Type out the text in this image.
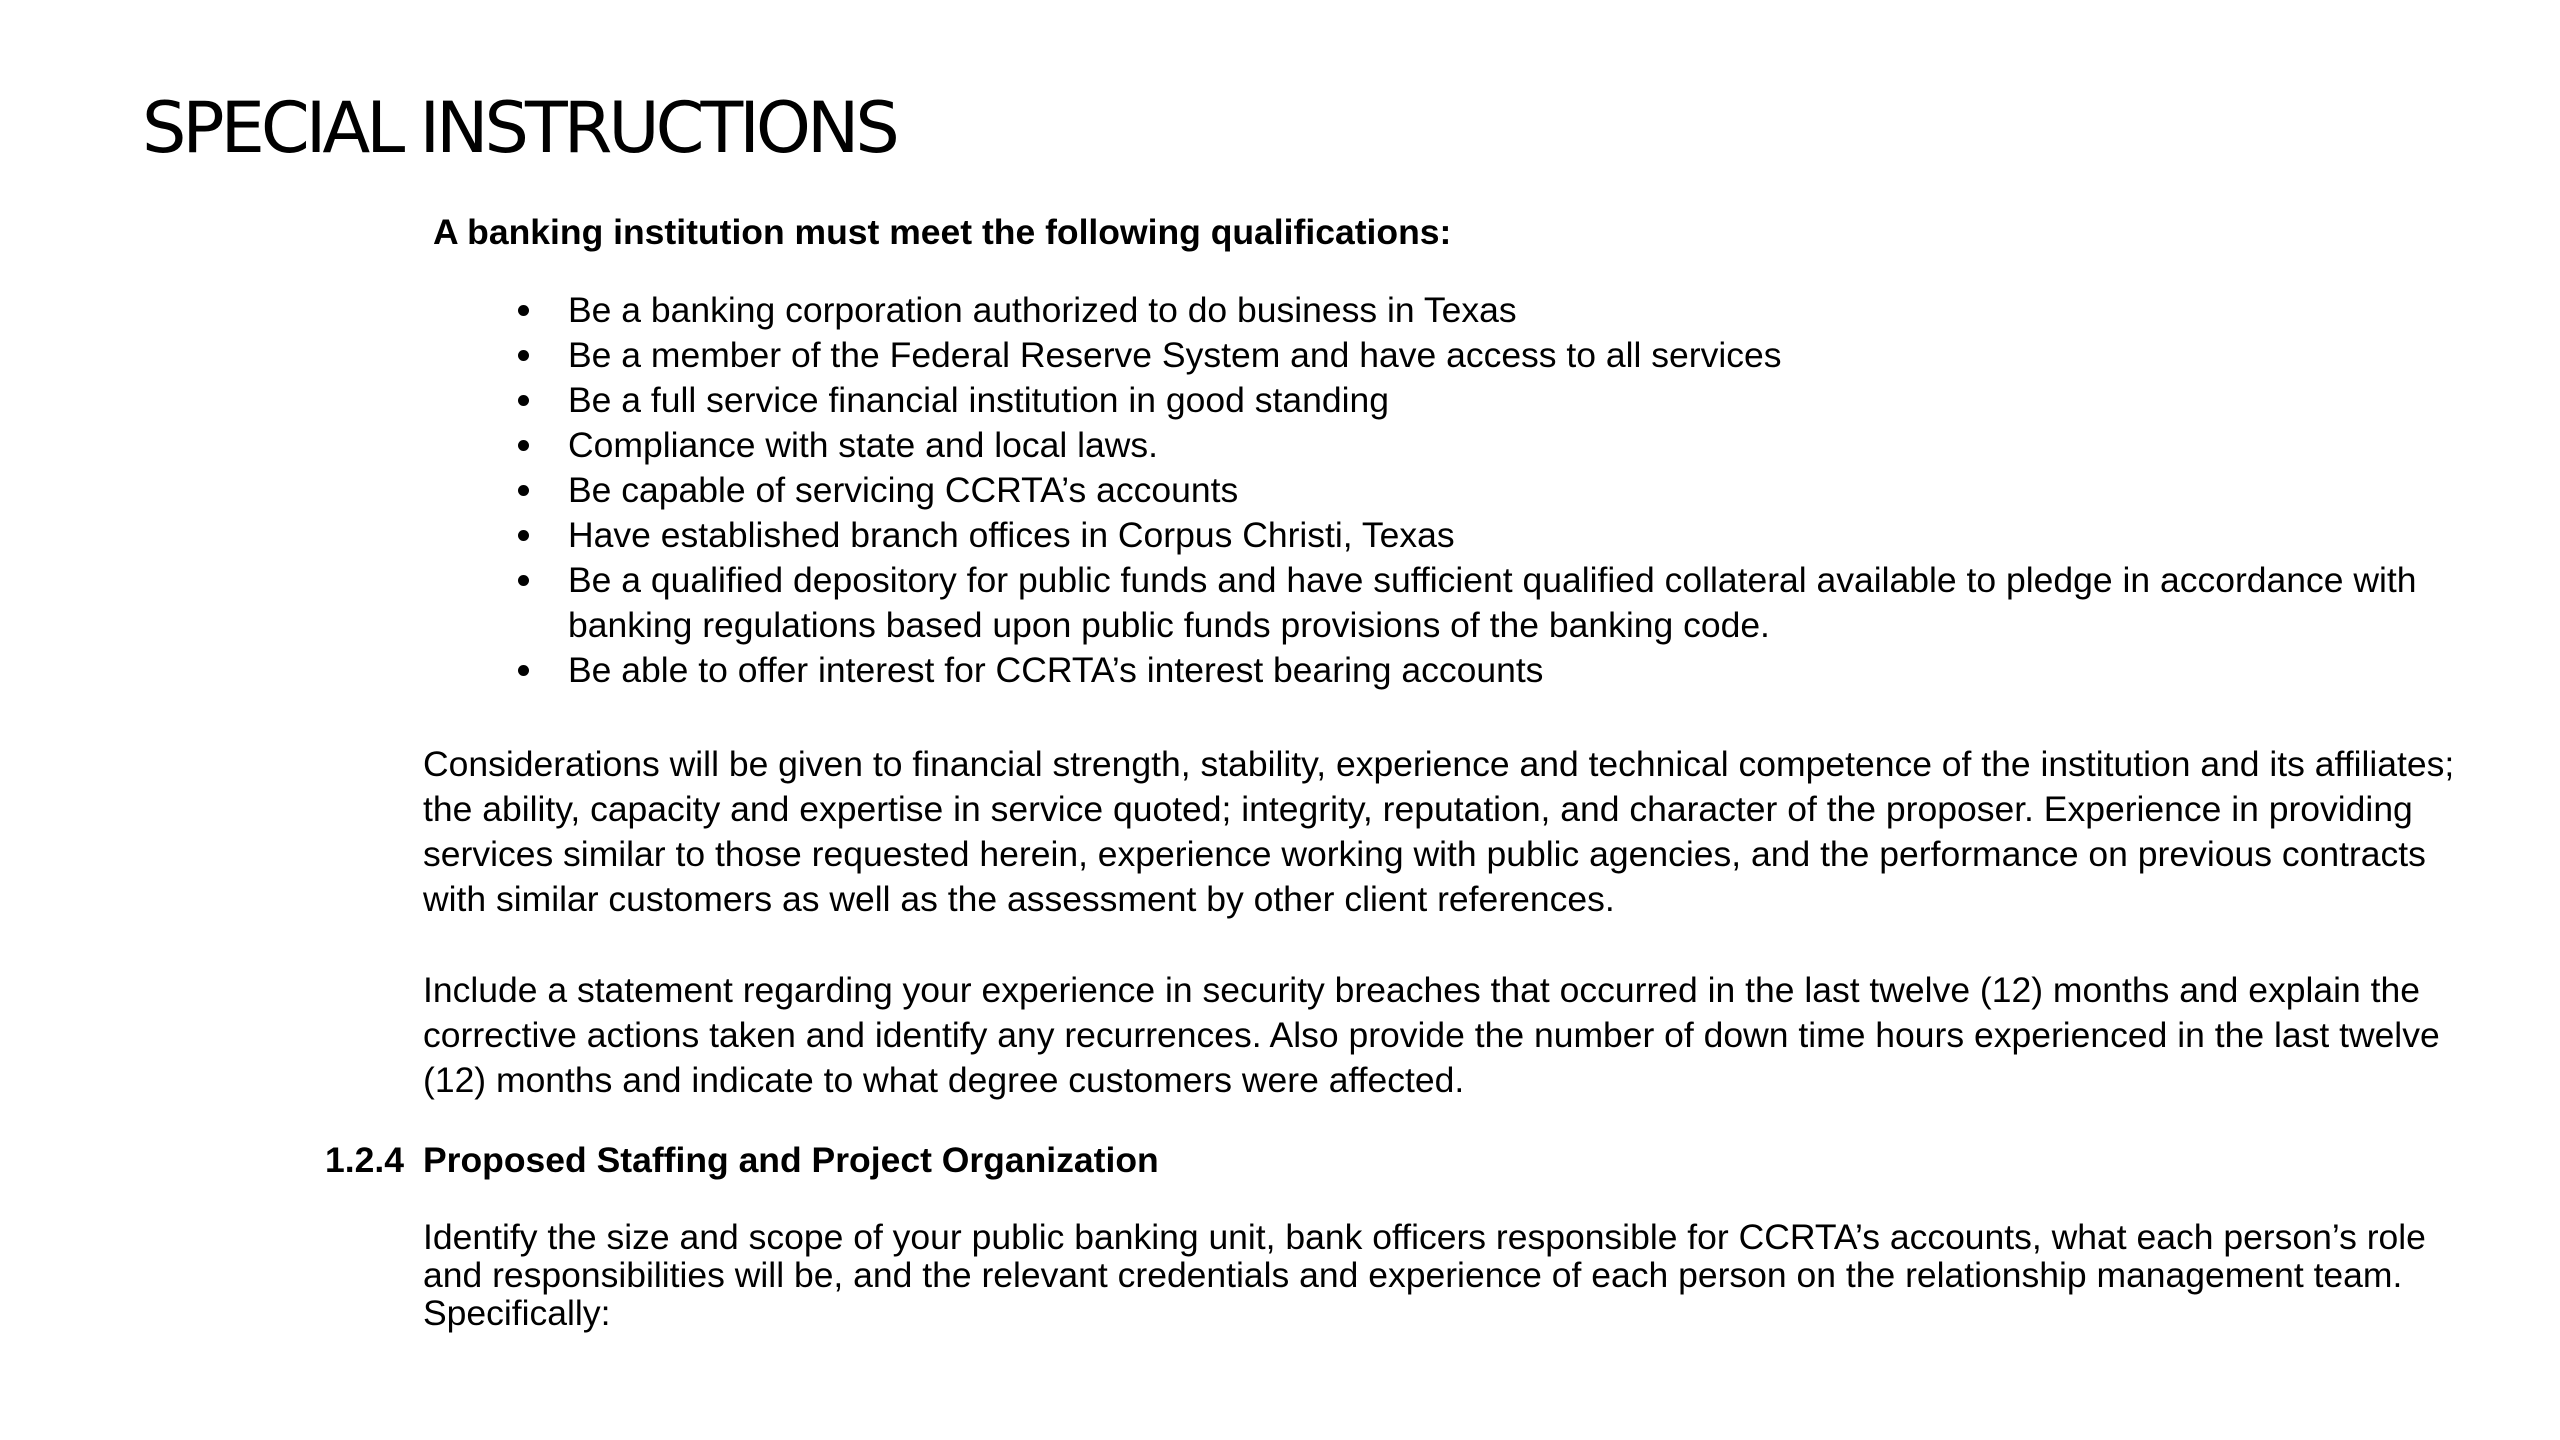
SPECIAL INSTRUCTIONS
A banking institution must meet the following qualifications:
Be a banking corporation authorized to do business in Texas
Be a member of the Federal Reserve System and have access to all services
Be a full service financial institution in good standing
Compliance with state and local laws.
Be capable of servicing CCRTA’s accounts
Have established branch offices in Corpus Christi, Texas
Be a qualified depository for public funds and have sufficient qualified collateral available to pledge in accordance with banking regulations based upon public funds provisions of the banking code.
Be able to offer interest for CCRTA’s interest bearing accounts

Considerations will be given to financial strength, stability, experience and technical competence of the institution and its affiliates; the ability, capacity and expertise in service quoted; integrity, reputation, and character of the proposer. Experience in providing services similar to those requested herein, experience working with public agencies, and the performance on previous contracts with similar customers as well as the assessment by other client references.

Include a statement regarding your experience in security breaches that occurred in the last twelve (12) months and explain the corrective actions taken and identify any recurrences. Also provide the number of down time hours experienced in the last twelve (12) months and indicate to what degree customers were affected.

1.2.4 Proposed Staffing and Project Organization

Identify the size and scope of your public banking unit, bank officers responsible for CCRTA’s accounts, what each person’s role and responsibilities will be, and the relevant credentials and experience of each person on the relationship management team. Specifically:
